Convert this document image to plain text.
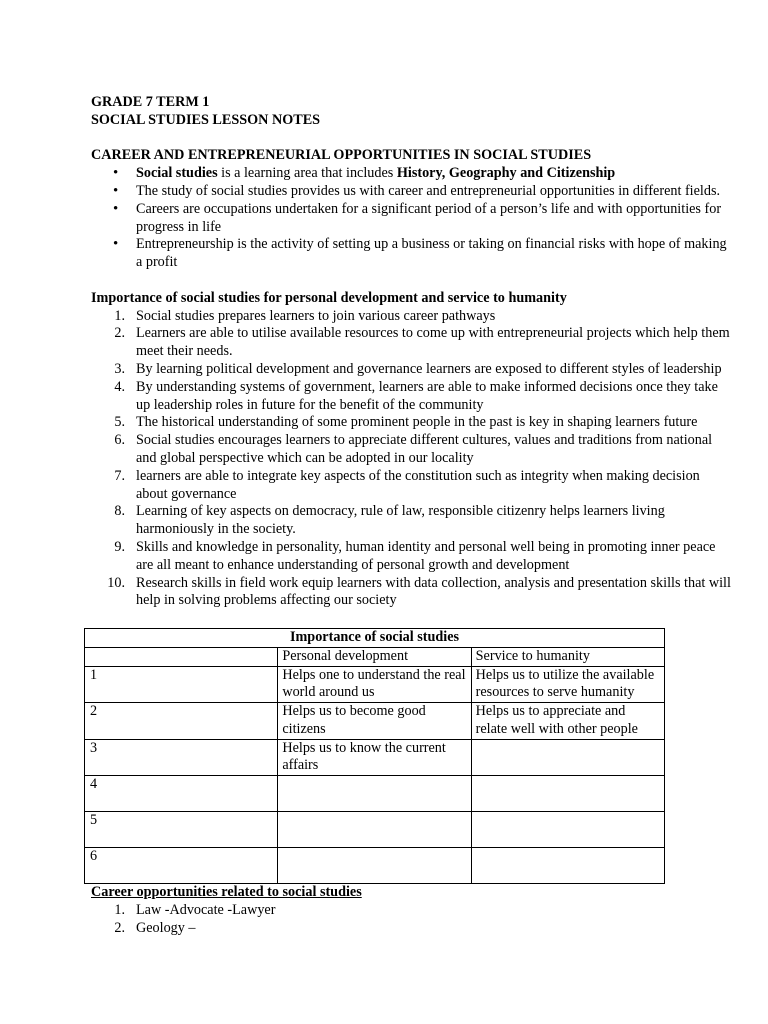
GRADE 7 TERM 1

SOCIAL STUDIES LESSON NOTES

CAREER AND ENTREPRENEURIAL OPPORTUNITIES IN SOCIAL STUDIES

• Social studies is a learning area that includes History, Geography and Citizenship
• The study of social studies provides us with career and entrepreneurial opportunities in different fields.
• Careers are occupations undertaken for a significant period of a person’s life and with opportunities for progress in life
• Entrepreneurship is the activity of setting up a business or taking on financial risks with hope of making a profit

Importance of social studies for personal development and service to humanity

1. Social studies prepares learners to join various career pathways
2. Learners are able to utilise available resources to come up with entrepreneurial projects which help them meet their needs.
3. By learning political development and governance learners are exposed to different styles of leadership
4. By understanding systems of government, learners are able to make informed decisions once they take up leadership roles in future for the benefit of the community
5. The historical understanding of some prominent people in the past is key in shaping learners future
6. Social studies encourages learners to appreciate different cultures, values and traditions from national and global perspective which can be adopted in our locality
7. learners are able to integrate key aspects of the constitution such as integrity when making decision about governance
8. Learning of key aspects on democracy, rule of law, responsible citizenry helps learners living harmoniously in the society.
9. Skills and knowledge in personality, human identity and personal well being in promoting inner peace are all meant to enhance understanding of personal growth and development
10. Research skills in field work equip learners with data collection, analysis and presentation skills that will help in solving problems affecting our society
Importance of social studies		
	Personal development	Service to humanity
1	Helps one to understand the real world around us	Helps us to utilize the available resources to serve humanity
2	Helps us to become good citizens	Helps us to appreciate and relate well with other people
3	Helps us to know the current affairs	
4		
5		
6		

Career opportunities related to social studies

1. Law -Advocate -Lawyer
2. Geology –
